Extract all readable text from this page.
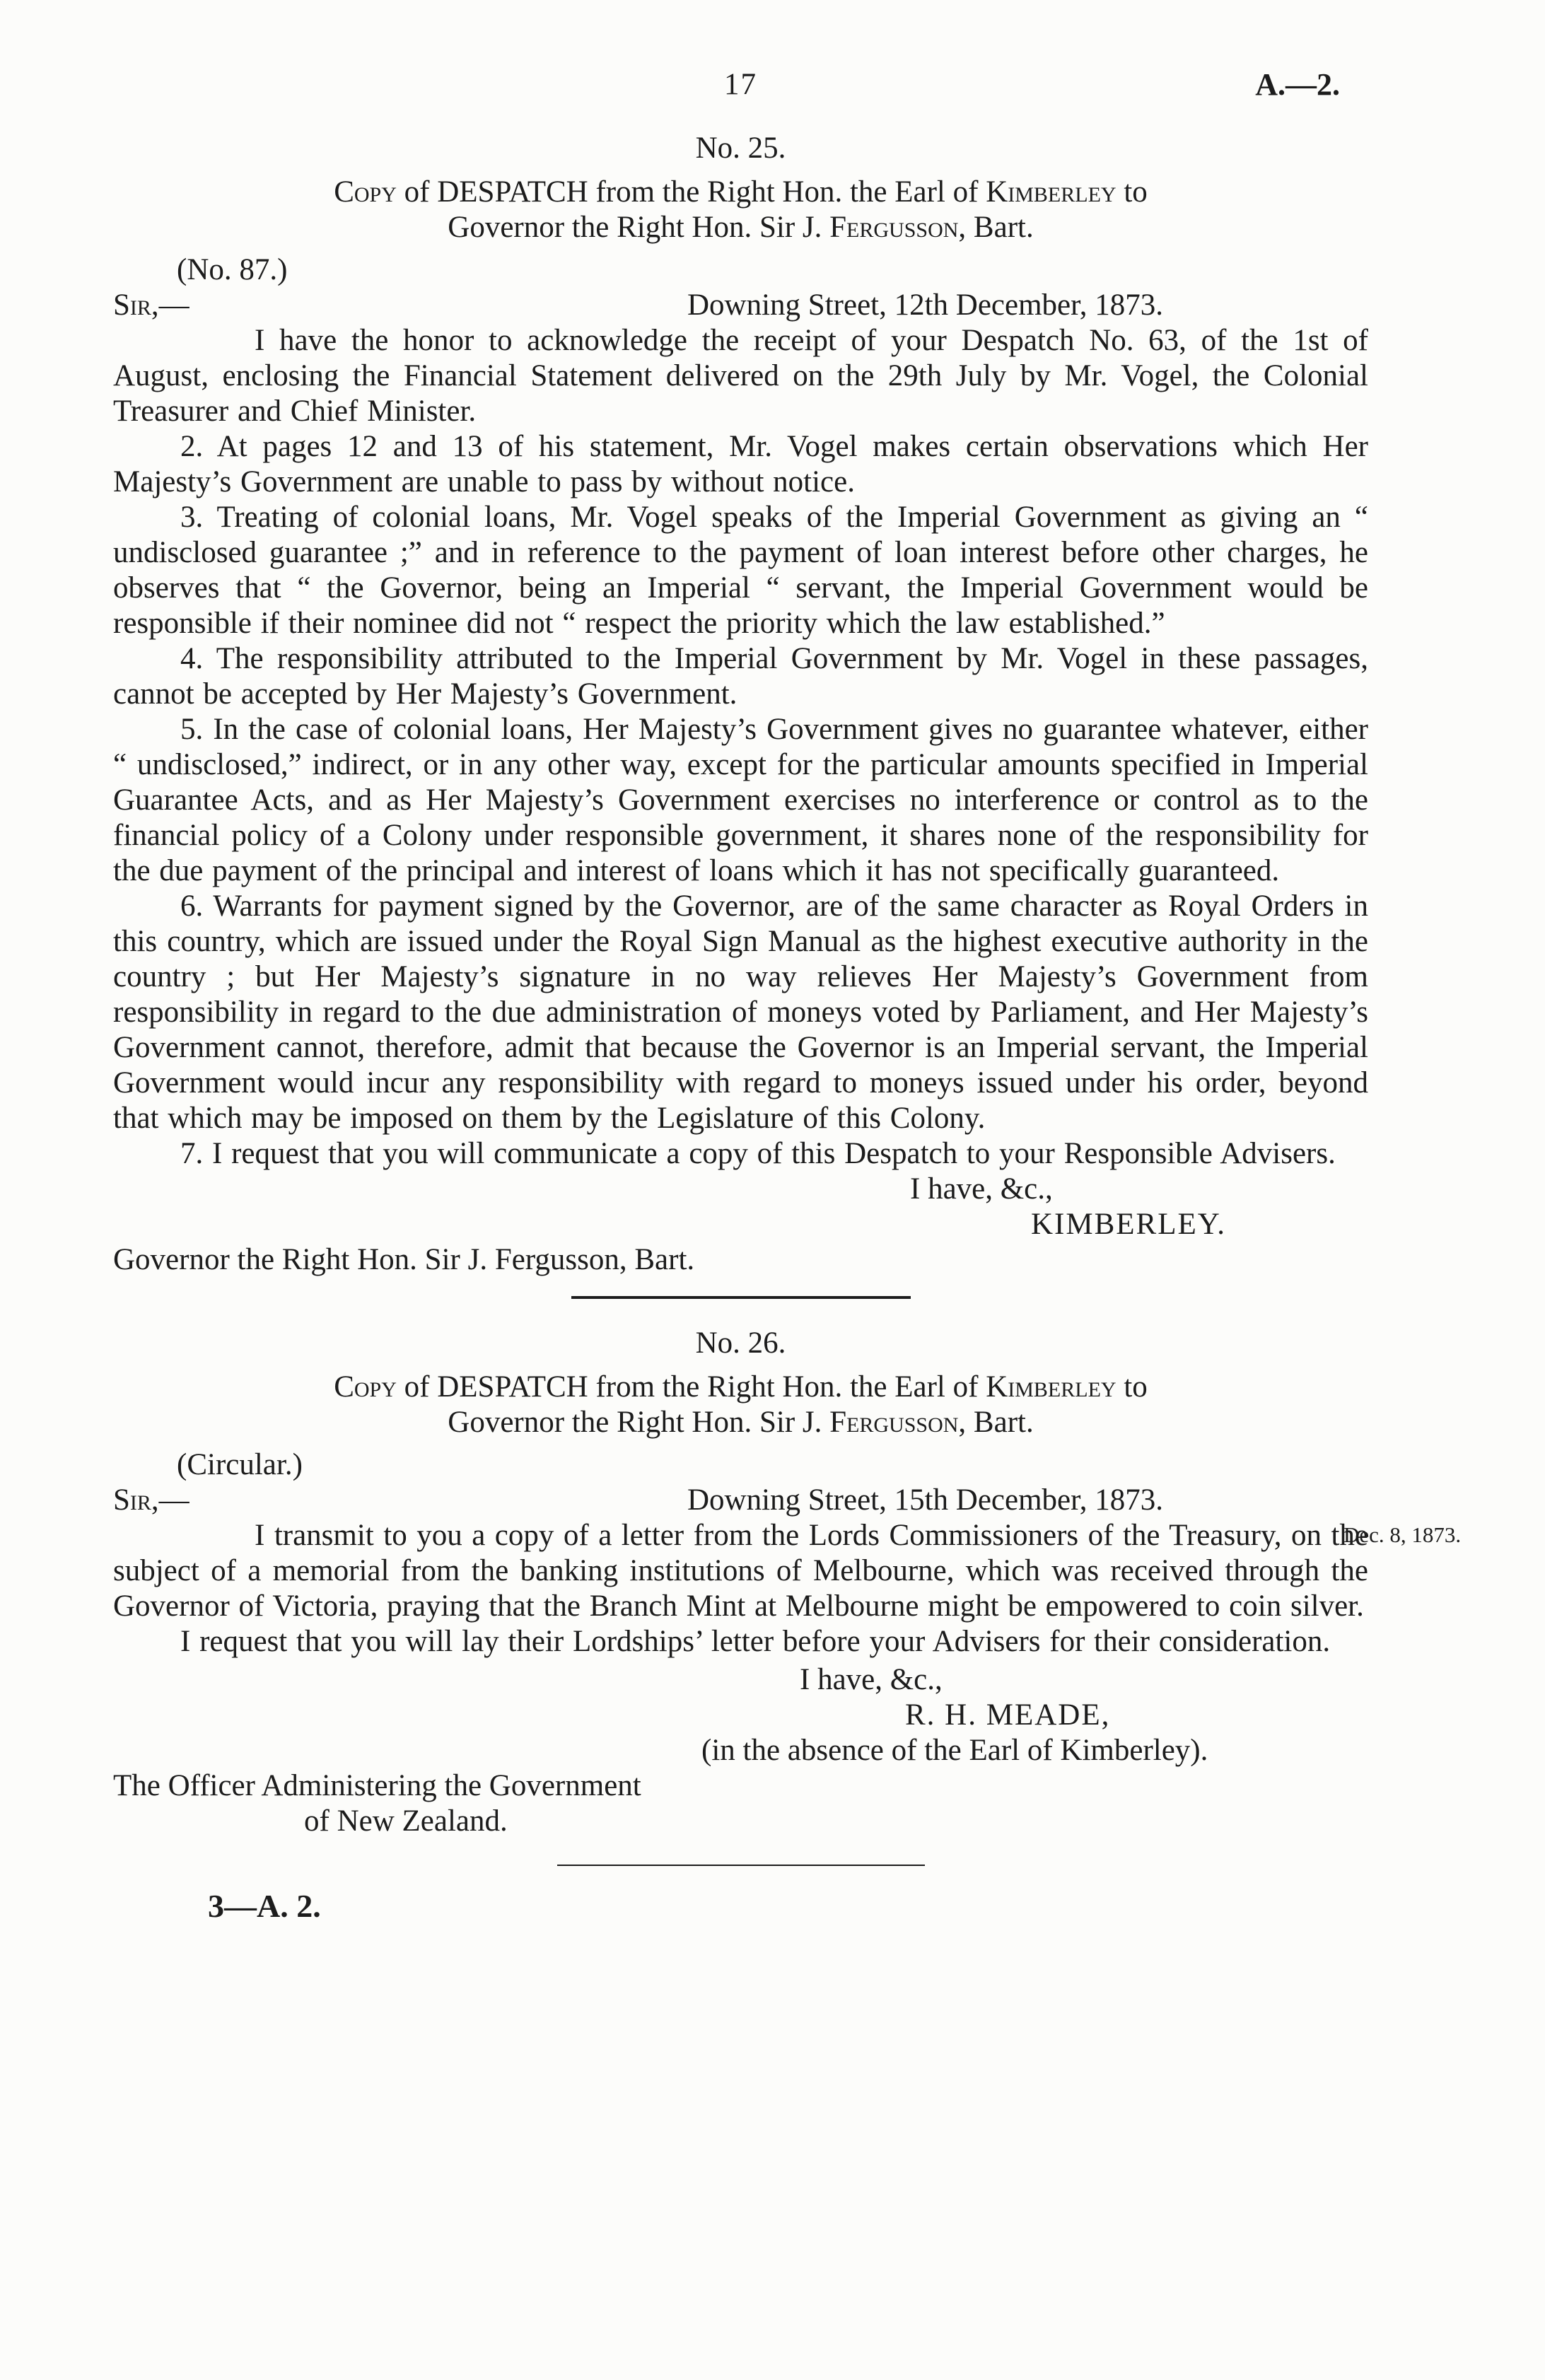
17	A.—2.
No. 25.
Copy of DESPATCH from the Right Hon. the Earl of Kimberley to
Governor the Right Hon. Sir J. Fergusson, Bart.
(No. 87.)
Sir,—	Downing Street, 12th December, 1873.

I have the honor to acknowledge the receipt of your Despatch No. 63, of the 1st of August, enclosing the Financial Statement delivered on the 29th July by Mr. Vogel, the Colonial Treasurer and Chief Minister.

2. At pages 12 and 13 of his statement, Mr. Vogel makes certain observations which Her Majesty’s Government are unable to pass by without notice.

3. Treating of colonial loans, Mr. Vogel speaks of the Imperial Government as giving an “ undisclosed guarantee ;” and in reference to the payment of loan interest before other charges, he observes that “ the Governor, being an Imperial “ servant, the Imperial Government would be responsible if their nominee did not “ respect the priority which the law established.”

4. The responsibility attributed to the Imperial Government by Mr. Vogel in these passages, cannot be accepted by Her Majesty’s Government.

5. In the case of colonial loans, Her Majesty’s Government gives no guarantee whatever, either “ undisclosed,” indirect, or in any other way, except for the particular amounts specified in Imperial Guarantee Acts, and as Her Majesty’s Government exercises no interference or control as to the financial policy of a Colony under responsible government, it shares none of the responsibility for the due payment of the principal and interest of loans which it has not specifically guaranteed.

6. Warrants for payment signed by the Governor, are of the same character as Royal Orders in this country, which are issued under the Royal Sign Manual as the highest executive authority in the country ; but Her Majesty’s signature in no way relieves Her Majesty’s Government from responsibility in regard to the due administration of moneys voted by Parliament, and Her Majesty’s Government cannot, therefore, admit that because the Governor is an Imperial servant, the Imperial Government would incur any responsibility with regard to moneys issued under his order, beyond that which may be imposed on them by the Legislature of this Colony.

7. I request that you will communicate a copy of this Despatch to your Responsible Advisers.

I have, &c.,
KIMBERLEY.
Governor the Right Hon. Sir J. Fergusson, Bart.
No. 26.
Copy of DESPATCH from the Right Hon. the Earl of Kimberley to
Governor the Right Hon. Sir J. Fergusson, Bart.
(Circular.)
Sir,—	Downing Street, 15th December, 1873.

I transmit to you a copy of a letter from the Lords Commissioners of the Treasury, on the subject of a memorial from the banking institutions of Melbourne, which was received through the Governor of Victoria, praying that the Branch Mint at Melbourne might be empowered to coin silver.

Dec. 8, 1873.

I request that you will lay their Lordships’ letter before your Advisers for their consideration.

I have, &c.,
R. H. MEADE,
(in the absence of the Earl of Kimberley).
The Officer Administering the Government
of New Zealand.
3—A. 2.
